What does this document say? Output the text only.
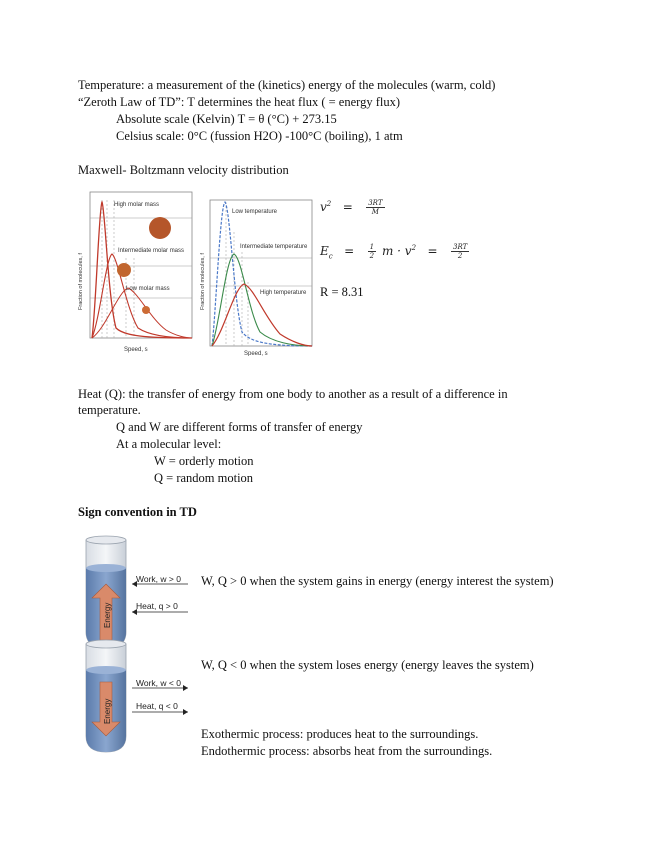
Temperature: a measurement of the (kinetics) energy of the molecules (warm, cold)
“Zeroth Law of TD”: T determines the heat flux ( = energy flux)
Absolute scale (Kelvin) T = θ (°C) + 273.15
Celsius scale: 0°C (fussion H2O) -100°C (boiling), 1 atm
Maxwell- Boltzmann velocity distribution
High molar mass
Intermediate molar mass
Low molar mass
Fraction of molecules, f
Speed, s
Low temperature
Intermediate temperature
High temperature
Fraction of molecules, f
Speed, s
$v^2 = \frac{3RT}{M}$
$E_c = \frac{1}{2}$ $m \cdot v^2 = \frac{3RT}{2}$
R = 8.31
Heat (Q): the transfer of energy from one body to another as a result of a difference in
temperature.
Q and W are different forms of transfer of energy
At a molecular level:
W = orderly motion
Q = random motion
Sign convention in TD
Energy
Work, w > 0
Heat, q > 0
W, Q > 0 when the system gains in energy (energy interest the system)
Energy
Work, w < 0
Heat, q < 0
W, Q < 0 when the system loses energy (energy leaves the system)
Exothermic process: produces heat to the surroundings.
Endothermic process: absorbs heat from the surroundings.
